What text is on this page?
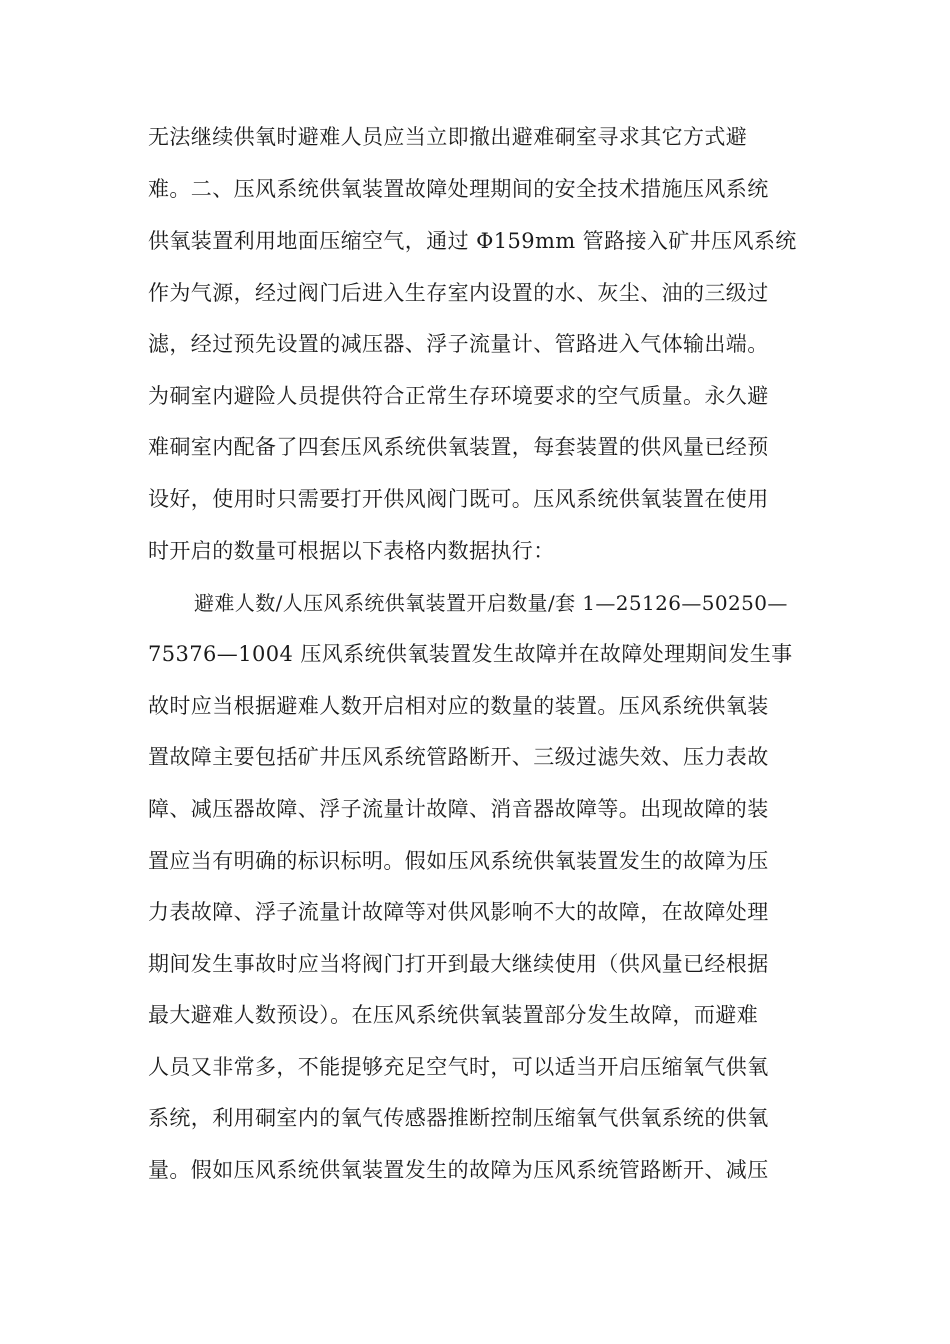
无法继续供氧时避难人员应当立即撤出避难硐室寻求其它方式避
难。二、压风系统供氧装置故障处理期间的安全技术措施压风系统
供氧装置利用地面压缩空气，通过 Φ159mm 管路接入矿井压风系统
作为气源，经过阀门后进入生存室内设置的水、灰尘、油的三级过
滤，经过预先设置的减压器、浮子流量计、管路进入气体输出端。
为硐室内避险人员提供符合正常生存环境要求的空气质量。永久避
难硐室内配备了四套压风系统供氧装置，每套装置的供风量已经预
设好，使用时只需要打开供风阀门既可。压风系统供氧装置在使用
时开启的数量可根据以下表格内数据执行：
避难人数/人压风系统供氧装置开启数量/套 1—25126—50250—
75376—1004 压风系统供氧装置发生故障并在故障处理期间发生事
故时应当根据避难人数开启相对应的数量的装置。压风系统供氧装
置故障主要包括矿井压风系统管路断开、三级过滤失效、压力表故
障、减压器故障、浮子流量计故障、消音器故障等。出现故障的装
置应当有明确的标识标明。假如压风系统供氧装置发生的故障为压
力表故障、浮子流量计故障等对供风影响不大的故障，在故障处理
期间发生事故时应当将阀门打开到最大继续使用（供风量已经根据
最大避难人数预设）。在压风系统供氧装置部分发生故障，而避难
人员又非常多，不能提够充足空气时，可以适当开启压缩氧气供氧
系统，利用硐室内的氧气传感器推断控制压缩氧气供氧系统的供氧
量。假如压风系统供氧装置发生的故障为压风系统管路断开、减压
